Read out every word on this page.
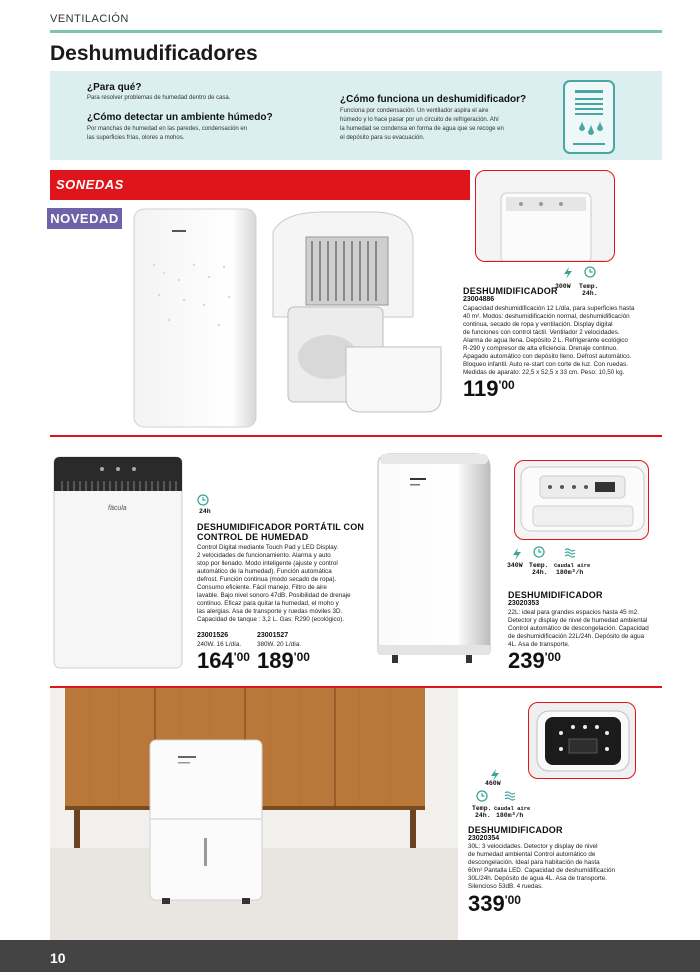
VENTILACIÓN
Deshumudificadores
¿Para qué?
Para resolver problemas de humedad dentro de casa.
¿Cómo detectar un ambiente húmedo?
Por manchas de humedad en las paredes, condensación en
las superficies frías, olores a mohos.
¿Cómo funciona un deshumidificador?
Funciona por condensación. Un ventilador aspira el aire
húmedo y lo hace pasar por un circuito de refrigeración. Ahí
la humedad se condensa en forma de agua que se recoge en
el depósito para su evacuación.
SONEDAS
NOVEDAD
300W Temp.
24h.
DESHUMIDIFICADOR
23004886
Capacidad deshumidificación 12 L/día, para superficies hasta
40 m². Modos: deshumidificación normal, deshumidificación
continua, secado de ropa y ventilación. Display digital
de funciones con control táctil. Ventilador 2 velocidades.
Alarma de agua llena. Depósito 2 L. Refrigerante ecológico
R-290 y compresor de alta eficiencia. Drenaje continuo.
Apagado automático con depósito lleno. Defrost automático.
Bloqueo infantil. Auto re-start con corte de luz. Con ruedas.
Medidas de aparato: 22,5 x 52,5 x 33 cm. Peso: 10,50 kg.
$119^{'00}$
fäcula	24h
DESHUMIDIFICADOR PORTÁTIL CON
CONTROL DE HUMEDAD
Control Digital mediante Touch Pad y LED Display.
2 velocidades de funcionamiento. Alarma y auto
stop por llenado. Modo inteligente (ajuste y control
automático de la humedad). Función automática
defrost. Función continua (modo secado de ropa).
Consumo eficiente. Fácil manejo. Filtro de aire
lavable. Bajo nivel sonoro 47dB. Posibilidad de drenaje
continuo. Eficaz para quitar la humedad, el moho y
las alergias. Asa de transporte y ruedas móviles 3D.
Capacidad de tanque : 3,2 L. Gas: R290 (ecológico).
23001526
240W. 16 L/día.
$164^{'00}$
23001527
380W. 20 L/día.
$189^{'00}$
340W Temp.
24h.
Caudal aire
180m³/h
DESHUMIDIFICADOR
23020353
22L: ideal para grandes espacios hasta 45 m2.
Detector y display de nivel de humedad ambiental
Control automático de descongelación. Capacidad
de deshumidificación 22L/24h. Depósito de agua
4L. Asa de transporte.
$239^{'00}$
460W
Temp.
24h.
Caudal aire
180m³/h
DESHUMIDIFICADOR
23020354
30L: 3 velocidades. Detector y display de nivel
de humedad ambiental Control automático de
descongelación. Ideal para habitación de hasta
60m² Pantalla LED. Capacidad de deshumidificación
30L/24h. Depósito de agua 4L. Asa de transporte.
Silencioso 53dB. 4 ruedas.
$339^{'00}$
10
